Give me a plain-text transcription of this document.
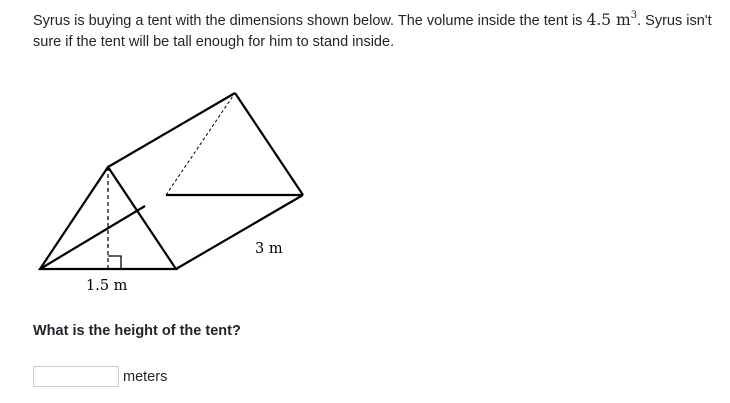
Syrus is buying a tent with the dimensions shown below. The volume inside the tent is 4.5 $m^3$. Syrus isn't sure if the tent will be tall enough for him to stand inside.
1.5 m
3 m
What is the height of the tent?
meters
